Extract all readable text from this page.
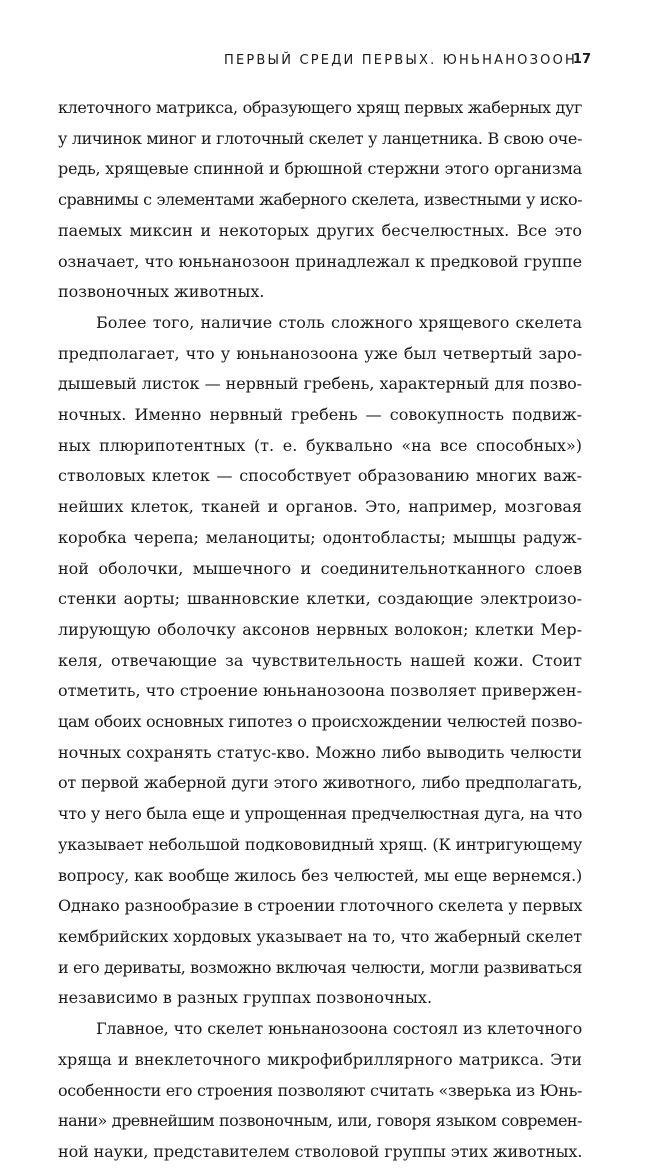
ПЕРВЫЙ СРЕДИ ПЕРВЫХ. ЮНЬНАНОЗООН
17

клеточного матрикса, образующего хрящ первых жаберных дуг
у личинок миног и глоточный скелет у ланцетника. В свою оче-
редь, хрящевые спинной и брюшной стержни этого организма
сравнимы с элементами жаберного скелета, известными у иско-
паемых миксин и некоторых других бесчелюстных. Все это
означает, что юньнанозоон принадлежал к предковой группе
позвоночных животных.

Более того, наличие столь сложного хрящевого скелета
предполагает, что у юньнанозоона уже был четвертый заро-
дышевый листок — нервный гребень, характерный для позво-
ночных. Именно нервный гребень — совокупность подвиж-
ных плюрипотентных (т. е. буквально «на все способных»)
стволовых клеток — способствует образованию многих важ-
нейших клеток, тканей и органов. Это, например, мозговая
коробка черепа; меланоциты; одонтобласты; мышцы радуж-
ной оболочки, мышечного и соединительнотканного слоев
стенки аорты; шванновские клетки, создающие электроизо-
лирующую оболочку аксонов нервных волокон; клетки Мер-
келя, отвечающие за чувствительность нашей кожи. Стоит
отметить, что строение юньнанозоона позволяет привержен-
цам обоих основных гипотез о происхождении челюстей позво-
ночных сохранять статус-кво. Можно либо выводить челюсти
от первой жаберной дуги этого животного, либо предполагать,
что у него была еще и упрощенная предчелюстная дуга, на что
указывает небольшой подкововидный хрящ. (К интригующему
вопросу, как вообще жилось без челюстей, мы еще вернемся.)
Однако разнообразие в строении глоточного скелета у первых
кембрийских хордовых указывает на то, что жаберный скелет
и его дериваты, возможно включая челюсти, могли развиваться
независимо в разных группах позвоночных.

Главное, что скелет юньнанозоона состоял из клеточного
хряща и внеклеточного микрофибриллярного матрикса. Эти
особенности его строения позволяют считать «зверька из Юнь-
нани» древнейшим позвоночным, или, говоря языком современ-
ной науки, представителем стволовой группы этих животных.
